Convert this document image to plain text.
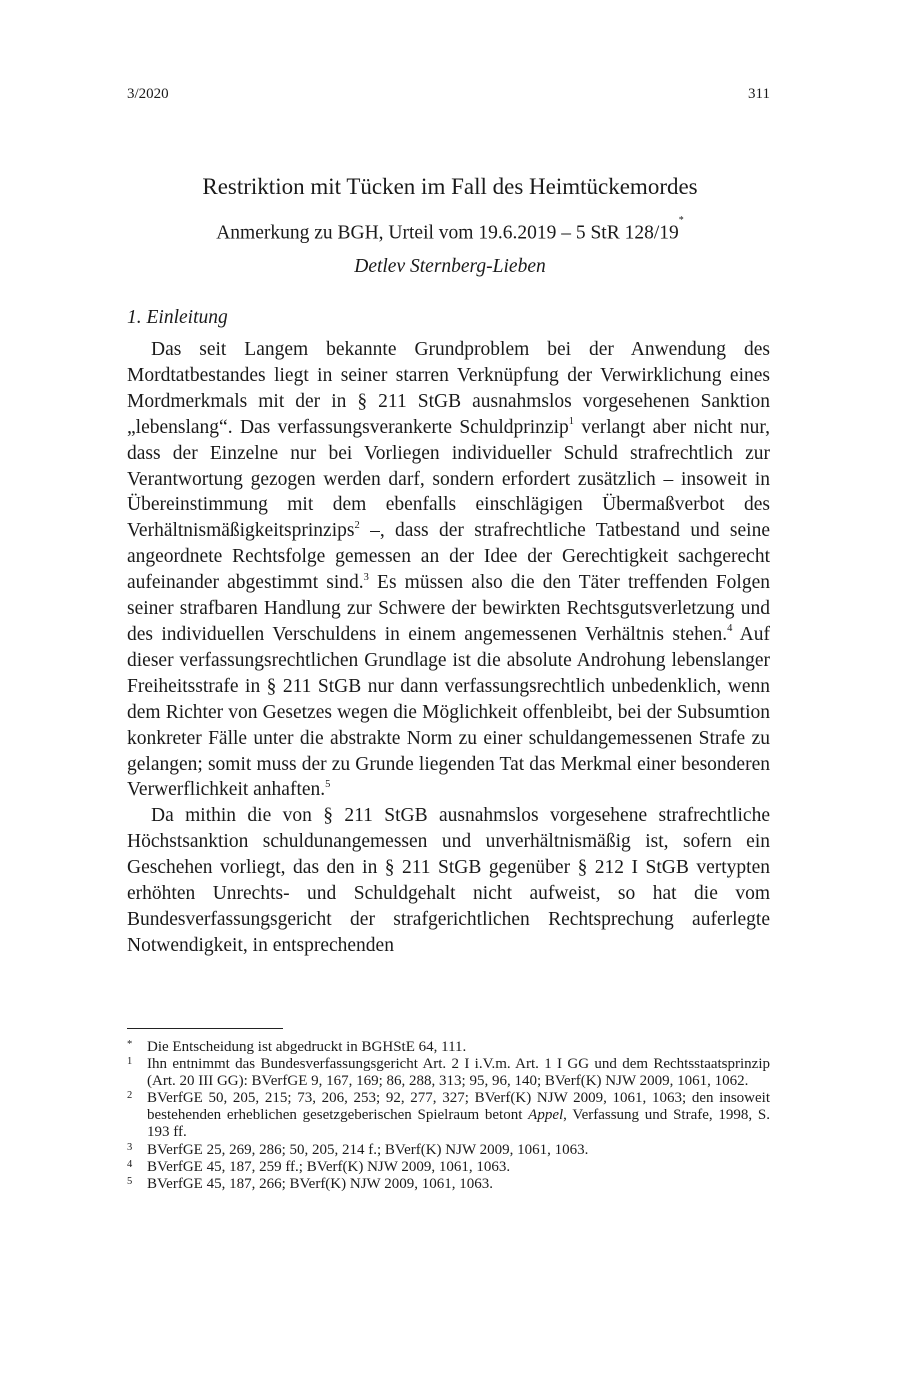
3/2020	311
Restriktion mit Tücken im Fall des Heimtückemordes
Anmerkung zu BGH, Urteil vom 19.6.2019 – 5 StR 128/19*
Detlev Sternberg-Lieben
1. Einleitung

Das seit Langem bekannte Grundproblem bei der Anwendung des Mordtatbestandes liegt in seiner starren Verknüpfung der Verwirklichung eines Mordmerkmals mit der in § 211 StGB ausnahmslos vorgesehenen Sanktion „lebenslang“. Das verfassungsverankerte Schuldprinzip$^1$ verlangt aber nicht nur, dass der Einzelne nur bei Vorliegen individueller Schuld strafrechtlich zur Verantwortung gezogen werden darf, sondern erfordert zusätzlich – insoweit in Übereinstimmung mit dem ebenfalls einschlägigen Übermaßverbot des Verhältnismäßigkeitsprinzips$^2$ –, dass der strafrechtliche Tatbestand und seine angeordnete Rechtsfolge gemessen an der Idee der Gerechtigkeit sachgerecht aufeinander abgestimmt sind.$^3$ Es müssen also die den Täter treffenden Folgen seiner strafbaren Handlung zur Schwere der bewirkten Rechtsgutsverletzung und des individuellen Verschuldens in einem angemessenen Verhältnis stehen.$^4$ Auf dieser verfassungsrechtlichen Grundlage ist die absolute Androhung lebenslanger Freiheitsstrafe in § 211 StGB nur dann verfassungsrechtlich unbedenklich, wenn dem Richter von Gesetzes wegen die Möglichkeit offenbleibt, bei der Subsumtion konkreter Fälle unter die abstrakte Norm zu einer schuldangemessenen Strafe zu gelangen; somit muss der zu Grunde liegenden Tat das Merkmal einer besonderen Verwerflichkeit anhaften.$^5$

Da mithin die von § 211 StGB ausnahmslos vorgesehene strafrechtliche Höchstsanktion schuldunangemessen und unverhältnismäßig ist, sofern ein Geschehen vorliegt, das den in § 211 StGB gegenüber § 212 I StGB vertypten erhöhten Unrechts- und Schuldgehalt nicht aufweist, so hat die vom Bundesverfassungsgericht der strafgerichtlichen Rechtsprechung auferlegte Notwendigkeit, in entsprechenden

* Die Entscheidung ist abgedruckt in BGHStE 64, 111.
1 Ihn entnimmt das Bundesverfassungsgericht Art. 2 I i.V.m. Art. 1 I GG und dem Rechtsstaatsprinzip (Art. 20 III GG): BVerfGE 9, 167, 169; 86, 288, 313; 95, 96, 140; BVerf(K) NJW 2009, 1061, 1062.
2 BVerfGE 50, 205, 215; 73, 206, 253; 92, 277, 327; BVerf(K) NJW 2009, 1061, 1063; den insoweit bestehenden erheblichen gesetzgeberischen Spielraum betont Appel, Verfassung und Strafe, 1998, S. 193 ff.
3 BVerfGE 25, 269, 286; 50, 205, 214 f.; BVerf(K) NJW 2009, 1061, 1063.
4 BVerfGE 45, 187, 259 ff.; BVerf(K) NJW 2009, 1061, 1063.
5 BVerfGE 45, 187, 266; BVerf(K) NJW 2009, 1061, 1063.
